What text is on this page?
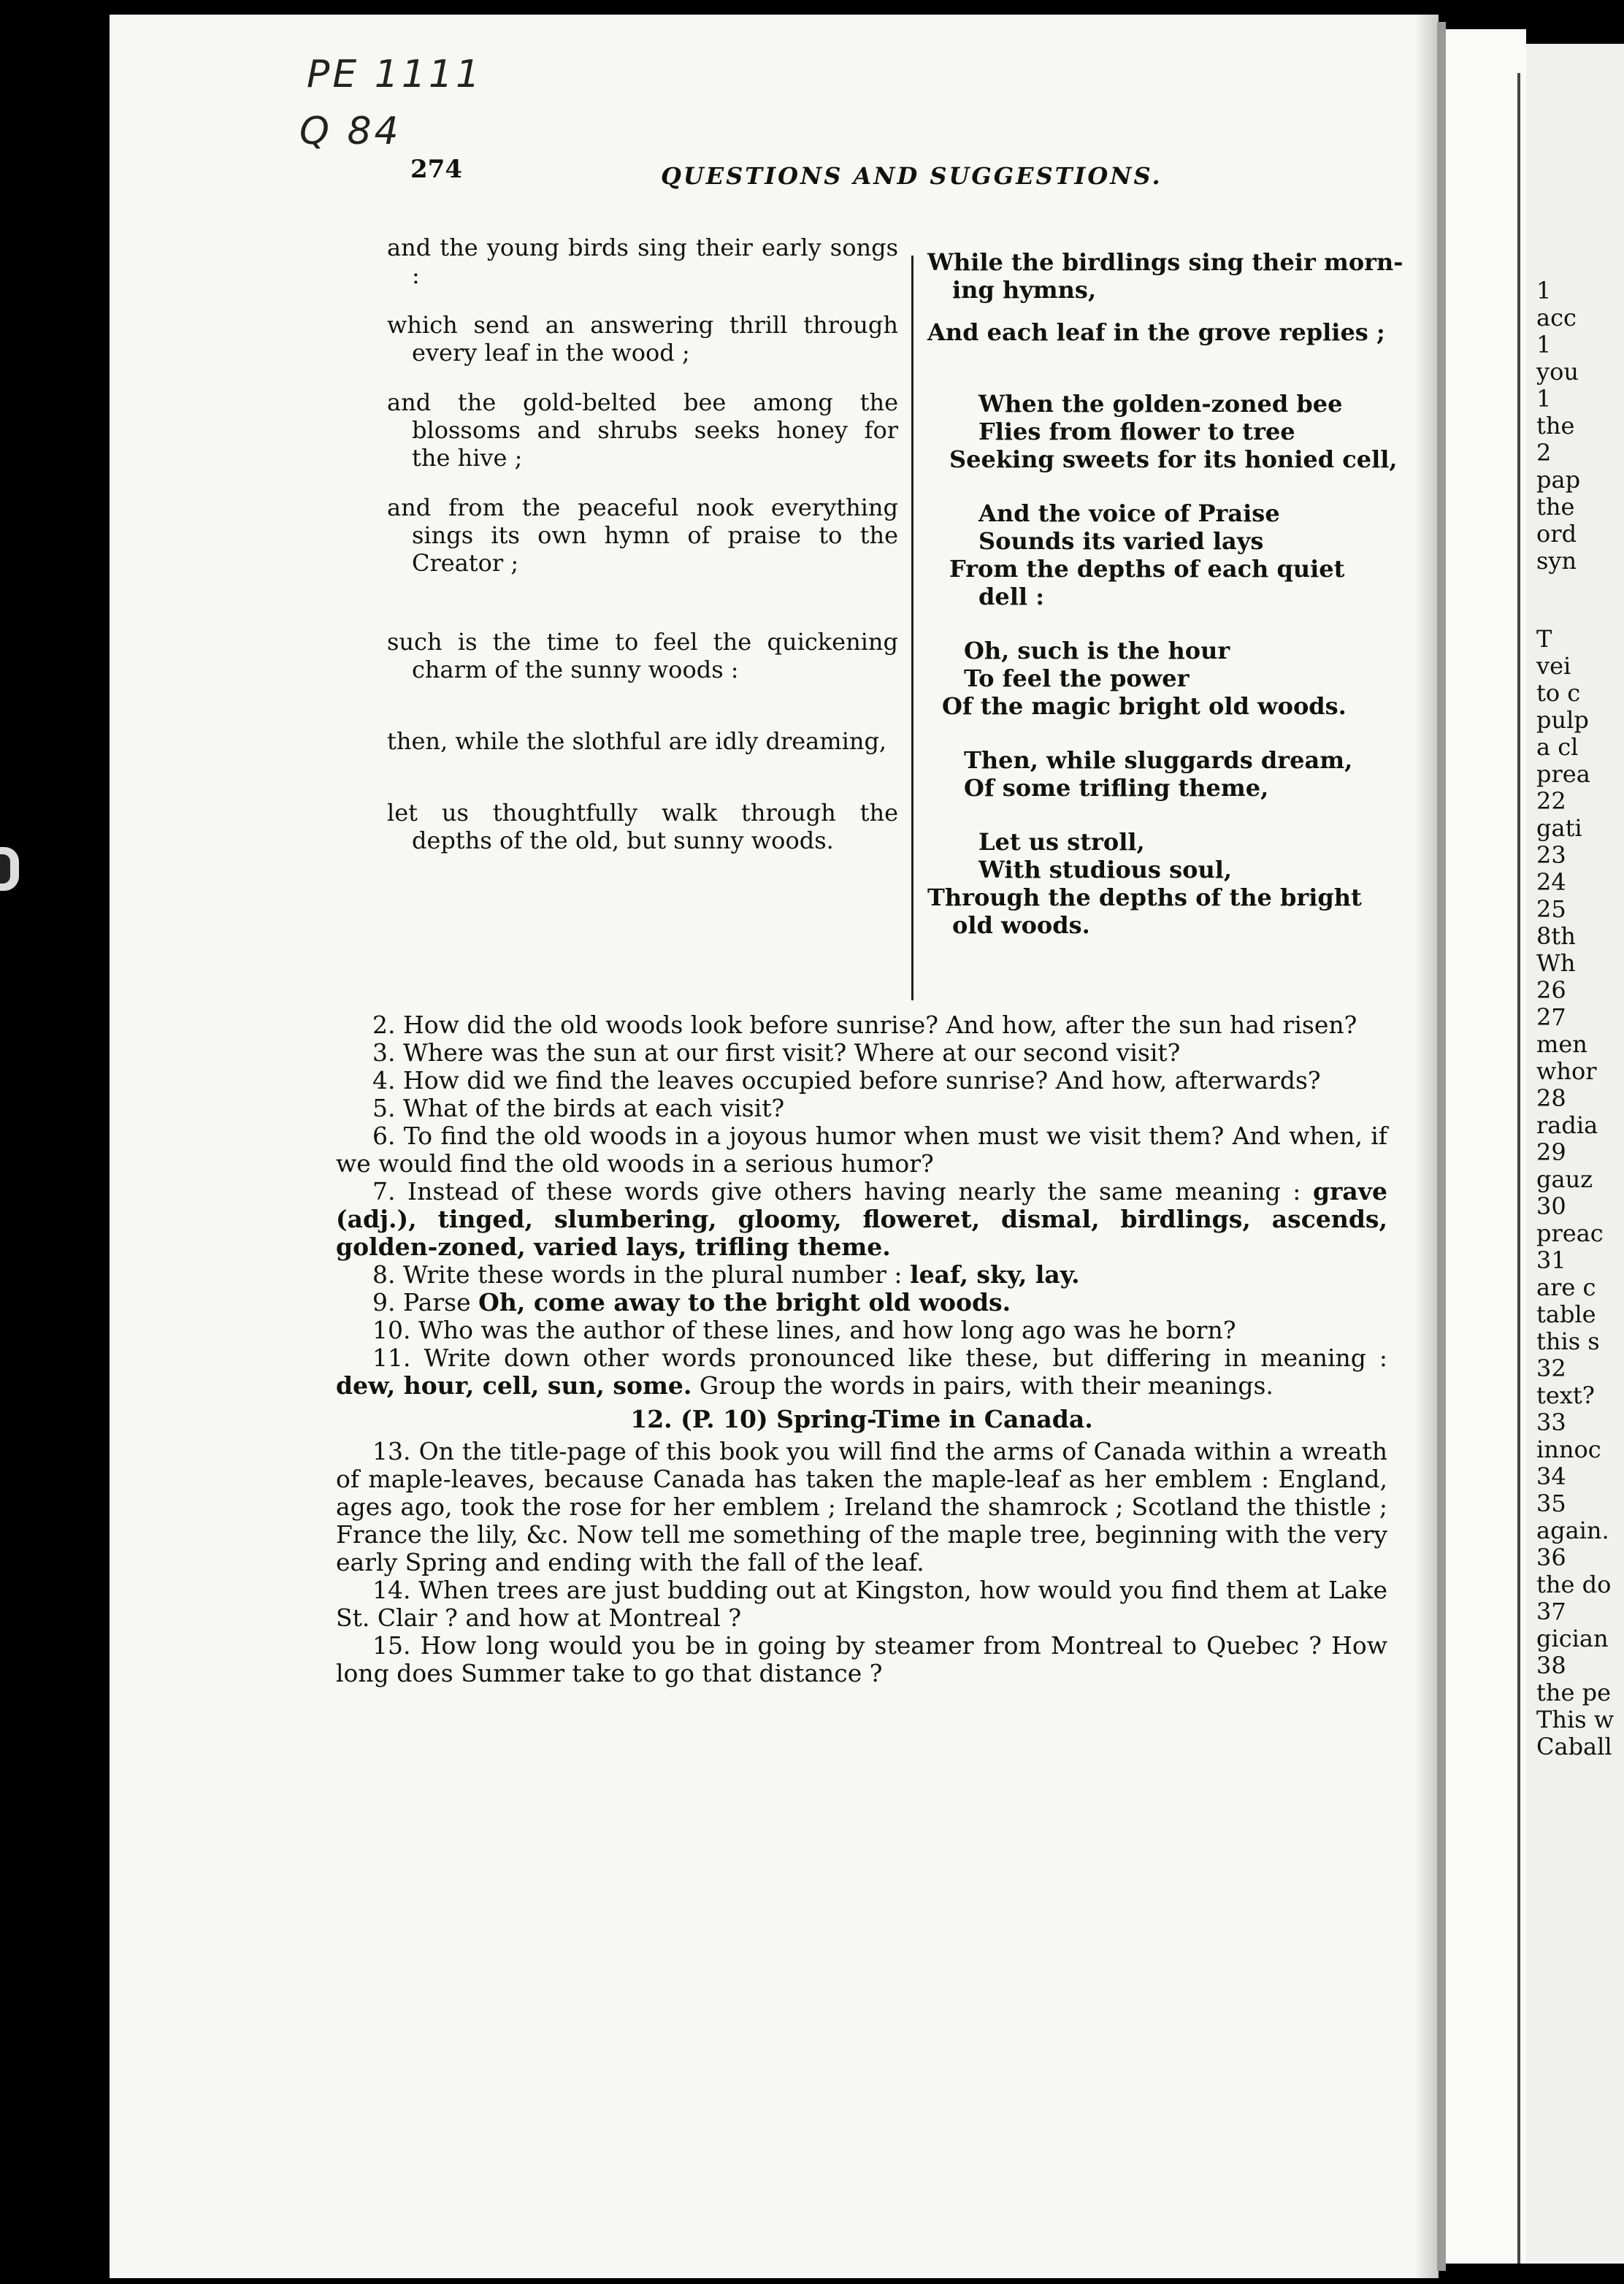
PE 1111
Q 84
274	QUESTIONS AND SUGGESTIONS.

and the young birds sing their early songs :

which send an answering thrill through every leaf in the wood ;

and the gold-belted bee among the blossoms and shrubs seeks honey for the hive ;

and from the peaceful nook everything sings its own hymn of praise to the Creator ;

such is the time to feel the quickening charm of the sunny woods :

then, while the slothful are idly dreaming,

let us thoughtfully walk through the depths of the old, but sunny woods.

While the birdlings sing their morn-
ing hymns,

And each leaf in the grove replies ;

When the golden-zoned bee
Flies from flower to tree
Seeking sweets for its honied cell,

And the voice of Praise
Sounds its varied lays
From the depths of each quiet
dell :

Oh, such is the hour
To feel the power
Of the magic bright old woods.

Then, while sluggards dream,
Of some trifling theme,

Let us stroll,
With studious soul,
Through the depths of the bright
old woods.

2. How did the old woods look before sunrise? And how, after the sun had risen?

3. Where was the sun at our first visit? Where at our second visit?

4. How did we find the leaves occupied before sunrise? And how, afterwards?

5. What of the birds at each visit?

6. To find the old woods in a joyous humor when must we visit them? And when, if we would find the old woods in a serious humor?

7. Instead of these words give others having nearly the same meaning : grave (adj.), tinged, slumbering, gloomy, floweret, dismal, birdlings, ascends, golden-zoned, varied lays, trifling theme.

8. Write these words in the plural number : leaf, sky, lay.

9. Parse Oh, come away to the bright old woods.

10. Who was the author of these lines, and how long ago was he born?

11. Write down other words pronounced like these, but differing in meaning : dew, hour, cell, sun, some. Group the words in pairs, with their meanings.

12. (P. 10) Spring-Time in Canada.

13. On the title-page of this book you will find the arms of Canada within a wreath of maple-leaves, because Canada has taken the maple-leaf as her emblem : England, ages ago, took the rose for her emblem ; Ireland the shamrock ; Scotland the thistle ; France the lily, &c. Now tell me something of the maple tree, beginning with the very early Spring and ending with the fall of the leaf.

14. When trees are just budding out at Kingston, how would you find them at Lake St. Clair ? and how at Montreal ?

15. How long would you be in going by steamer from Montreal to Quebec ? How long does Summer take to go that distance ?

1
acc
1
you
1
the
2
pap
the
ord
syn
T
vei
to c
pulp
a cl
prea
22
gati
23
24
25
8th
Wh
26
27
men
whor
28
radia
29
gauz
30
preac
31
are c
table
this s
32
text?
33
innoc
34
35
again.
36
the do
37
gician
38
the pe
This w
Caball
